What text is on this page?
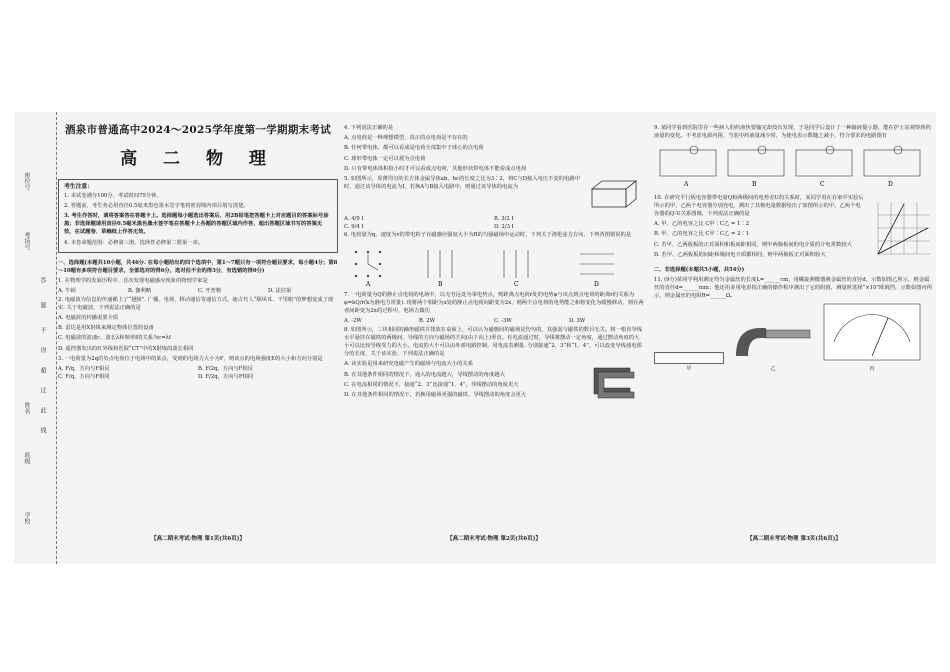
座位号
考场号
答
题
不
得
超
过
此
线
姓名
班级
学校
酒泉市普通高中2024～2025学年度第一学期期末考试
高 二 物 理
考生注意：

1. 本试卷满分100分，考试时间75分钟。

2. 答题前，考生务必用直径0.5毫米黑色墨水签字笔将密封线内项目填写清楚。

3. 考生作答时，请将答案答在答题卡上。选择题每小题选出答案后，用2B铅笔把答题卡上对应题目的答案标号涂黑；非选择题请用直径0.5毫米黑色墨水签字笔在答题卡上各题的答题区域内作答，超出答题区域书写的答案无效，在试题卷、草稿纸上作答无效。

4. 本卷命题范围：必修第三册，选择性必修第二册第一章。

一、选择题(本题共10小题，共46分. 在每小题给出的四个选项中，第1～7题只有一项符合题目要求，每小题4分；第8～10题有多项符合题目要求，全部选对的得6分，选对但不全的得3分，有选错的得0分)

1. 在物理学的发展历程中，首次发现电磁感应现象的物理学家是

A. 牛顿	B. 伽利略	C. 开普勒	D. 法拉第

2. 电磁波为信息的传递插上了“翅膀”. 广播、电视、移动通信等通信方式，使古代人“顺风耳、千里眼”的梦想变成了现实. 关于电磁波，下列说法正确的是

A. 电磁波的传播需要介质

B. 雷达是用X射线来测定物体位置的设备

C. 电磁波的波速c、波长λ和频率f的关系为c=λf

D. 遥控器发出的红外线和医院“CT”中的X射线的波长相同

3. 一电荷量为2q的负点电荷位于电场中的某点，受到的电场力大小为F，则该点的电场强度E的大小和方向分别是

A. F/q，方向与F相反	B. F/2q，方向与F相反
C. F/q，方向与F相同	D. F/2q，方向与F相同
【高二期末考试·物理 第1页(共6页)】

4. 下列说法正确的是

A. 点电荷是一种理想模型，真正的点电荷是不存在的

B. 任何带电体，都可以看成是电荷全部集中于球心的点电荷

C. 球形带电体一定可以视为点电荷

D. 只有带电体体积很小时才可以看成点电荷，其他形状带电体不能看成点电荷

5. 如图所示，厚薄均匀的长方体金属导体ab、bc的长度之比为3∶2，将C与D接入电压不变的电路中时，通过该导体的电流为I，若换A与B接入电路中，则通过该导体的电流为

A. 4/9 I	B. 3/2 I
C. 9/4 I	D. 2/3 I

6. 电荷量为q、速度为v的带电粒子在磁感应强度大小为B的匀强磁场中运动时，下列关于洛伦兹力方向，下列各图错误的是

A	B	C	D

7. 一电荷量为Q的静止点电荷的电场中，以无穷远处为零电势点，则距离点电荷r处的电势φ与该点到点电荷的距离r的关系为φ=kQ/r(k为静电力常量). 现将两个相距为x处的静止点电荷间距变为2x，则两个点电荷的电势能之和将变化为缓慢移动，则在两者间距变为2x的过程中，电场力做功

A. -2W	B. 2W	C. -3W	D. 3W

8. 如图所示，三块相同的蹄形磁铁并排放在桌面上，可以认为磁极间的磁场是均匀的，其强弱与磁铁的数目无关。将一根直导线水平悬挂在磁铁的两极间，导线的方向与磁场的方向(由下向上)垂直。有电流通过时，导线将摆动一定角度，通过摆动角度的大小可以比较导线受力的大小。电流的大小可以由外部电路控制。用电流表测量. 分别接通“2、3”和“1、4”，可以改变导线通电部分的长度，关于该实验，下列说法正确的是

A. 该实验是用来研究电磁产生的磁场与电流大小的关系

B. 在其他条件相同的情况下，通入的电流越大，导线摆动的角度越大

C. 在电流相同的情况下，接通“2、3”比接通“1、4”，导线摆动的角度更大

D. 在其他条件相同的情况下，若换用磁场更强的磁铁，导线摆动的角度会更大

【高二期末考试·物理 第2页(共6页)】

9. 某同学看到医院里存一些病人的药液快要输完却没有发现，于是同学后设计了一种输液提示器，能在护士站观察到药液量的变化。不考虑电源内阻，当装中药液量减少时，为使电表示数随之减小，符合要求的电路图有

A	B	C	D

10. 在研究平行板电容器带电量Q和两极间的电势差U的关系时，某同学用在在家中实验后所示的甲、乙两个电容器分别充电，测出了其极电量数据绘出了如图所示的甲、乙两个电容器的Q-U关系图像，下列说法正确的是

A. 甲、乙的电容之比 C甲∶C乙 = 1∶2

B. 甲、乙的电容之比 C甲∶C乙 = 2∶1

C. 若甲、乙两板板的正对面积和板间距相同，则甲两极板间的电介质的介电常数较大

D. 若甲、乙两板板的间距和极间电介质都相同，则甲两极板正对面积较大

二、非选择题(本题共5小题，共54分)

11. (9分)某同学利用测定均匀金属丝的长度L=______cm，用螺旋测微器测金属丝的直径d，示数如图乙所示，则金属丝的直径d=______mm；他还用多用电表按正确的操作程序测出了它的阻值，测量时选择“×10”欧姆挡，示数如图丙所示，则金属丝的电阻R=______Ω。

甲	乙	丙
【高二期末考试·物理 第3页(共6页)】
